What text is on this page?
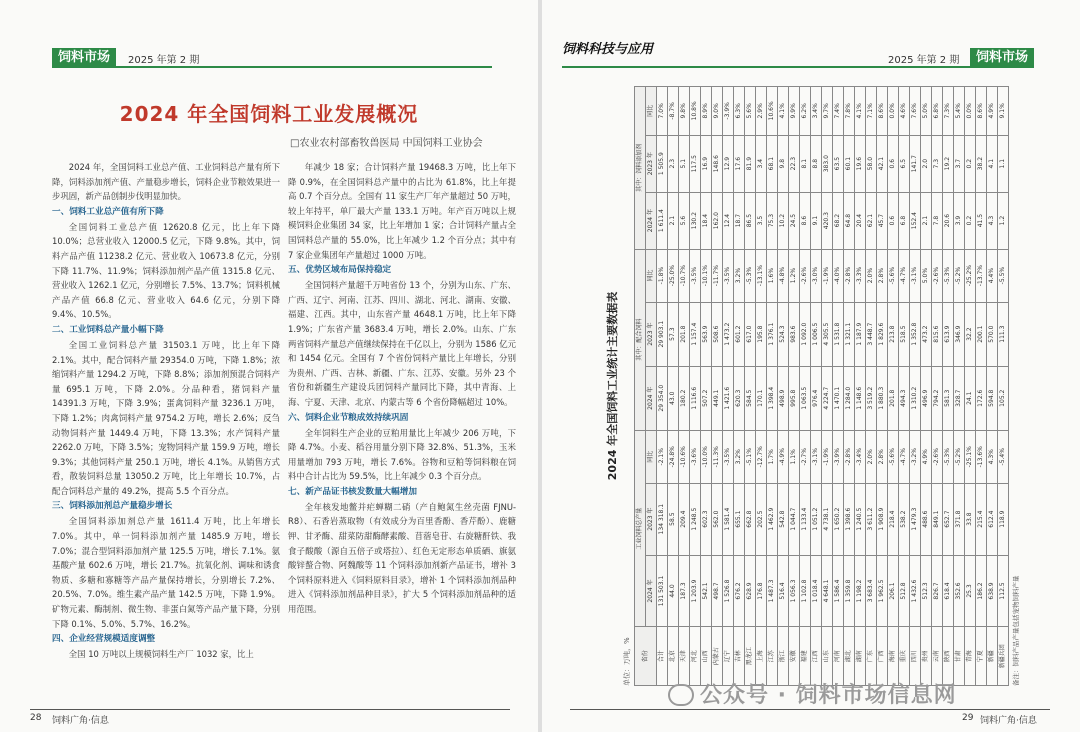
饲料市场	2025 年第 2 期
2024 年全国饲料工业发展概况
□农业农村部畜牧兽医局 中国饲料工业协会

2024 年，全国饲料工业总产值、工业饲料总产量有所下降，饲料添加剂产值、产量稳步增长，饲料企业节粮效果进一步巩固，新产品创制步伐明显加快。

一、饲料工业总产值有所下降

全国饲料工业总产值 12620.8 亿元，比上年下降 10.0%；总营业收入 12000.5 亿元，下降 9.8%。其中，饲料产品产值 11238.2 亿元、营业收入 10673.8 亿元，分别下降 11.7%、11.9%；饲料添加剂产品产值 1315.8 亿元、营业收入 1262.1 亿元，分别增长 7.5%、13.7%；饲料机械产品产值 66.8 亿元、营业收入 64.6 亿元，分别下降 9.4%、10.5%。

二、工业饲料总产量小幅下降

全国工业饲料总产量 31503.1 万吨，比上年下降 2.1%。其中，配合饲料产量 29354.0 万吨，下降 1.8%；浓缩饲料产量 1294.2 万吨，下降 8.8%；添加剂预混合饲料产量 695.1 万吨，下降 2.0%。分品种看，猪饲料产量 14391.3 万吨，下降 3.9%；蛋禽饲料产量 3236.1 万吨，下降 1.2%；肉禽饲料产量 9754.2 万吨，增长 2.6%；反刍动物饲料产量 1449.4 万吨，下降 13.3%；水产饲料产量 2262.0 万吨，下降 3.5%；宠物饲料产量 159.9 万吨，增长 9.3%；其他饲料产量 250.1 万吨，增长 4.1%。从销售方式看，散装饲料总量 13050.2 万吨，比上年增长 10.7%，占配合饲料总产量的 49.2%，提高 5.5 个百分点。

三、饲料添加剂总产量稳步增长

全国饲料添加剂总产量 1611.4 万吨，比上年增长 7.0%。其中，单一饲料添加剂产量 1485.9 万吨，增长 7.0%；混合型饲料添加剂产量 125.5 万吨，增长 7.1%。氨基酸产量 602.6 万吨，增长 21.7%。抗氧化剂、调味和诱食物质、多糖和寡糖等产品产量保持增长，分别增长 7.2%、20.5%、7.0%。维生素产品产量 142.5 万吨，下降 1.9%。矿物元素、酶制剂、微生物、非蛋白氮等产品产量下降，分别下降 0.1%、5.0%、5.7%、16.2%。

四、企业经营规模适度调整

全国 10 万吨以上规模饲料生产厂 1032 家，比上

年减少 18 家；合计饲料产量 19468.3 万吨，比上年下降 0.9%，在全国饲料总产量中的占比为 61.8%，比上年提高 0.7 个百分点。全国有 11 家生产厂年产量超过 50 万吨，较上年持平，单厂最大产量 133.1 万吨。年产百万吨以上规模饲料企业集团 34 家，比上年增加 1 家；合计饲料产量占全国饲料总产量的 55.0%，比上年减少 1.2 个百分点；其中有 7 家企业集团年产量超过 1000 万吨。

五、优势区域布局保持稳定

全国饲料产量超千万吨省份 13 个，分别为山东、广东、广西、辽宁、河南、江苏、四川、湖北、河北、湖南、安徽、福建、江西。其中，山东省产量 4648.1 万吨，比上年下降 1.9%；广东省产量 3683.4 万吨，增长 2.0%。山东、广东两省饲料产量总产值继续保持在千亿以上，分别为 1586 亿元和 1454 亿元。全国有 7 个省份饲料产量比上年增长，分别为贵州、广西、吉林、新疆、广东、江苏、安徽。另外 23 个省份和新疆生产建设兵团饲料产量同比下降，其中青海、上海、宁夏、天津、北京、内蒙古等 6 个省份降幅超过 10%。

六、饲料企业节粮成效持续巩固

全年饲料生产企业的豆粕用量比上年减少 206 万吨，下降 4.7%。小麦、稻谷用量分别下降 32.8%、51.3%，玉米用量增加 793 万吨，增长 7.6%。谷物和豆粕等饲料粮在饲料中合计占比为 59.5%，比上年减少 0.3 个百分点。

七、新产品证书核发数量大幅增加

全年核发地鳖并疟蝉糊二硝（产自鲍氮生丝壳菌 FJNU-R8）、石香岩蒸取物（有效成分为百里香酚、香芹酚）、鹿糖钾、甘矛酶、甜菜防甜酶酵素酸、苜蓿皂苷、右旋糖酐铁、我食子酸酸（源自五倍子或塔拉）、红色无定形态单质硒、旗氨酸锌螯合物、阿魏酸等 11 个饲料添加剂新产品证书，增补 3 个饲料原料进入《饲料原料目录》，增补 1 个饲料添加剂品种进入《饲料添加剂品种目录》，扩大 5 个饲料添加剂品种的适用范围。

28 饲料广角·信息
饲料科技与应用
2025 年第 2 期	饲料市场
2024 年全国饲料工业统计主要数据表
单位：万吨，%	省份	工业饲料总产量			其中：配合饲料			其中：饲料添加剂		
	2024 年	2023 年	同比	2024 年	2023 年	同比	2024 年	2023 年	同比
合计	131 503.1	134 318.1	-2.1%	29 354.0	29 903.1	-1.8%	1 611.4	1 505.9	7.0%
北京	44.0	58.5	-24.8%	43.0	57.3	-25.0%	2.1	2.3	-8.7%
天津	187.3	209.4	-10.6%	180.2	201.8	-10.7%	5.6	5.1	9.8%
河北	1 203.9	1 248.5	-3.6%	1 116.6	1 157.4	-3.5%	130.2	117.5	10.8%
山西	542.1	602.3	-10.0%	507.2	563.9	-10.1%	18.4	16.9	8.9%
内蒙古	498.7	562.0	-11.3%	449.1	508.6	-11.7%	162.0	148.6	9.0%
辽宁	1 526.8	1 581.4	-3.5%	1 421.6	1 473.2	-3.5%	12.4	12.9	-3.9%
吉林	676.2	655.1	3.2%	620.3	601.2	3.2%	18.7	17.6	6.3%
黑龙江	628.9	662.8	-5.1%	584.5	617.0	-5.3%	86.5	81.9	5.6%
上海	176.8	202.5	-12.7%	170.1	195.8	-13.1%	3.5	3.4	2.9%
江苏	1 487.3	1 462.9	1.7%	1 398.4	1 376.1	1.6%	75.3	68.1	10.6%
浙江	516.4	542.8	-4.9%	498.9	524.3	-4.8%	10.2	9.8	4.1%
安徽	1 056.3	1 044.7	1.1%	995.8	983.6	1.2%	24.5	22.3	9.9%
福建	1 102.8	1 133.4	-2.7%	1 063.5	1 092.0	-2.6%	8.6	8.1	6.2%
江西	1 018.4	1 051.2	-3.1%	976.4	1 006.5	-3.0%	9.1	8.8	3.4%
山东	4 648.1	4 738.1	-1.9%	4 224.7	4 305.5	-1.9%	420.3	383.0	9.7%
河南	1 586.4	1 650.2	-3.9%	1 470.1	1 531.8	-4.0%	68.2	63.5	7.4%
湖北	1 359.8	1 398.6	-2.8%	1 284.0	1 321.1	-2.8%	64.8	60.1	7.8%
湖南	1 198.2	1 240.5	-3.4%	1 148.6	1 187.9	-3.3%	20.4	19.6	4.1%
广东	3 683.4	3 611.2	2.0%	3 519.2	3 448.7	2.0%	62.1	58.0	7.1%
广西	1 962.5	1 908.9	2.8%	1 880.3	1 829.6	2.8%	45.7	42.1	8.6%
海南	206.1	218.4	-5.6%	201.8	213.8	-5.6%	0.6	0.6	0.0%
重庆	512.8	538.2	-4.7%	494.3	518.5	-4.7%	6.8	6.5	4.6%
四川	1 432.6	1 479.3	-3.2%	1 310.2	1 352.8	-3.1%	152.4	141.7	7.6%
贵州	512.3	488.6	4.9%	496.9	473.2	5.0%	2.1	2.0	5.0%
云南	826.7	849.1	-2.6%	794.2	815.6	-2.6%	7.8	7.3	6.8%
陕西	618.4	652.7	-5.3%	581.3	613.9	-5.3%	20.6	19.2	7.3%
甘肃	352.6	371.8	-5.2%	328.7	346.9	-5.2%	3.9	3.7	5.4%
青海	25.3	33.8	-25.1%	24.1	32.2	-25.2%	0.2	0.2	0.0%
宁夏	186.2	215.4	-13.6%	172.6	200.1	-13.7%	41.5	38.2	8.6%
新疆	638.9	612.4	4.3%	594.8	570.0	4.4%	4.3	4.1	4.9%
新疆兵团	112.5	118.9	-5.4%	105.2	111.3	-5.5%	1.2	1.1	9.1%
备注：饲料产品产量包括宠物饲料产量
29 饲料广角·信息
公众号 · 饲料市场信息网
